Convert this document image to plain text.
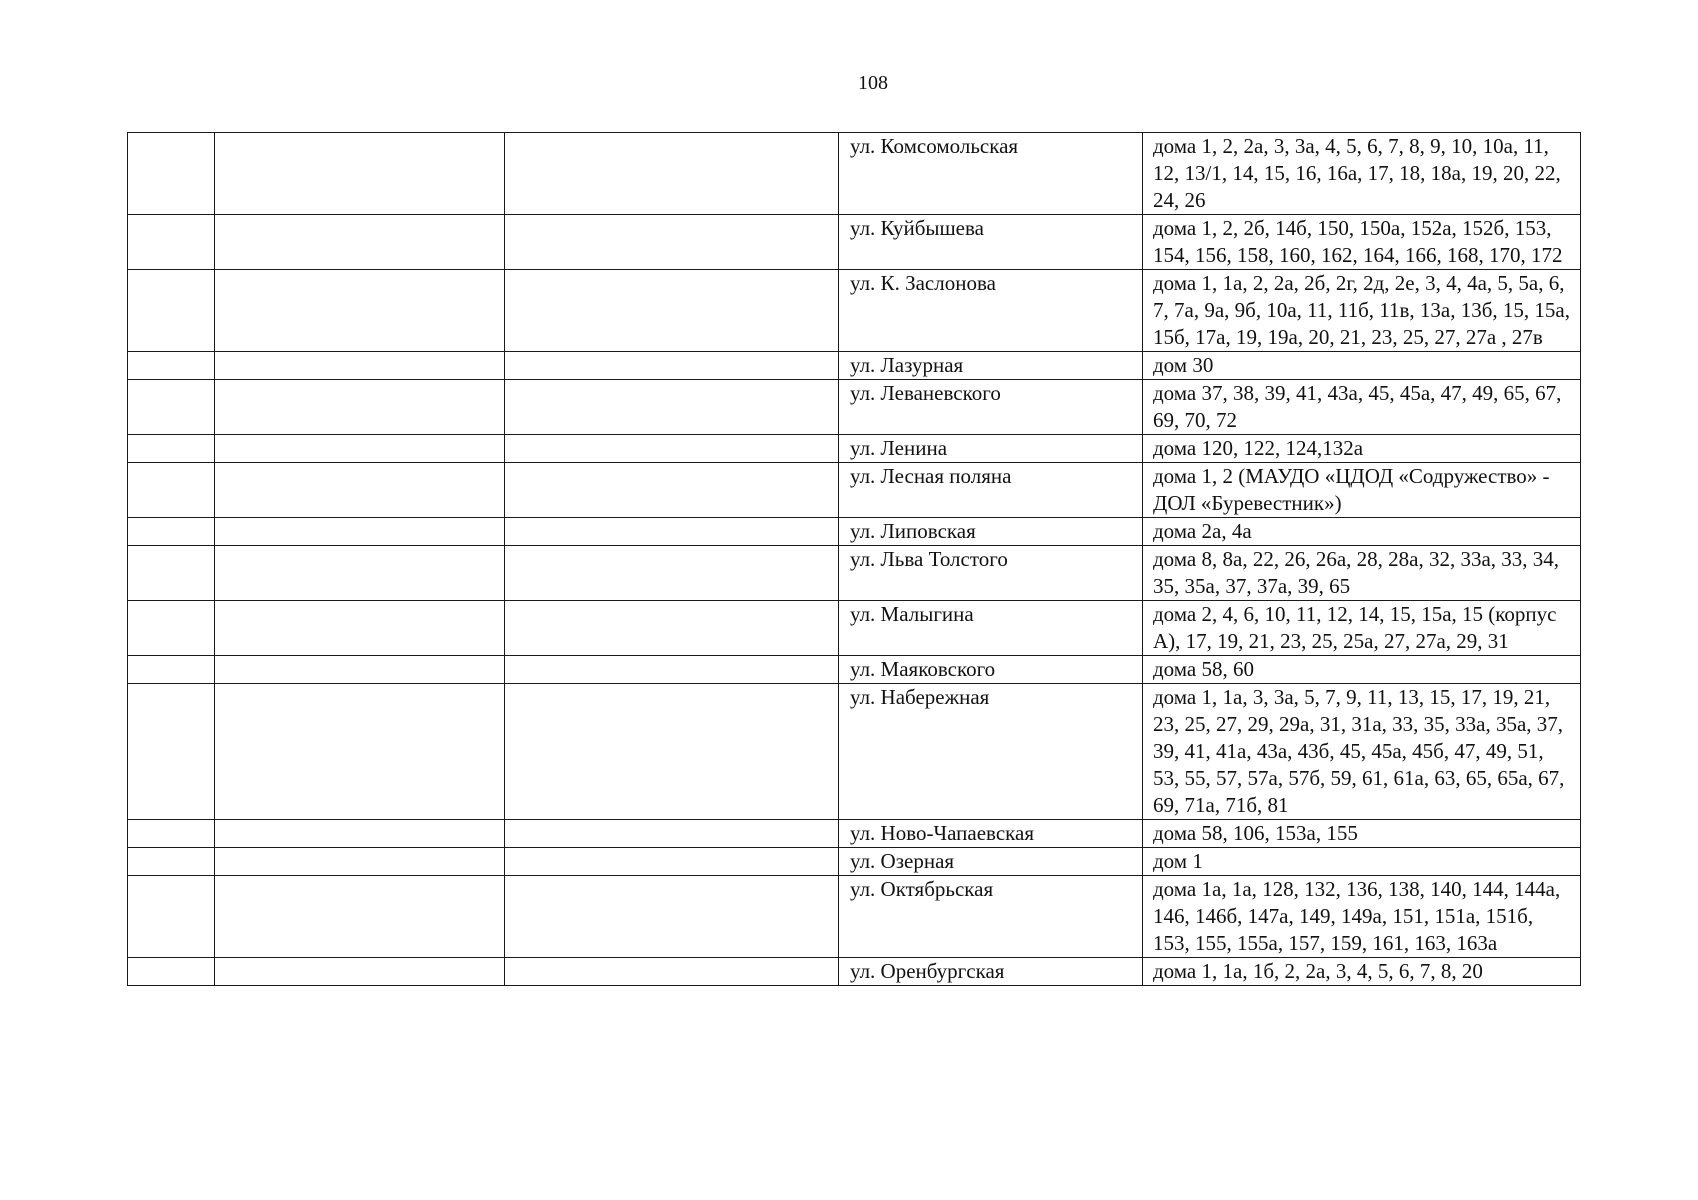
108
			ул. Комсомольская	дома 1, 2, 2а, 3, 3а, 4, 5, 6, 7, 8, 9, 10, 10а, 11, 12, 13/1, 14, 15, 16, 16а, 17, 18, 18а, 19, 20, 22, 24, 26
			ул. Куйбышева	дома 1, 2, 2б, 14б, 150, 150а, 152а, 152б, 153, 154, 156, 158, 160, 162, 164, 166, 168, 170, 172
			ул. К. Заслонова	дома 1, 1а, 2, 2а, 2б, 2г, 2д, 2е, 3, 4, 4а, 5, 5а, 6, 7, 7а, 9а, 9б, 10а, 11, 11б, 11в, 13а, 13б, 15, 15а, 15б, 17а, 19, 19а, 20, 21, 23, 25, 27, 27а , 27в
			ул. Лазурная	дом 30
			ул. Леваневского	дома 37, 38, 39, 41, 43а, 45, 45а, 47, 49, 65, 67, 69, 70, 72
			ул. Ленина	дома 120, 122, 124,132а
			ул. Лесная поляна	дома 1, 2 (МАУДО «ЦДОД «Содружество» - ДОЛ «Буревестник»)
			ул. Липовская	дома 2а, 4а
			ул. Льва Толстого	дома 8, 8а, 22, 26, 26а, 28, 28а, 32, 33а, 33, 34, 35, 35а, 37, 37а, 39, 65
			ул. Малыгина	дома 2, 4, 6, 10, 11, 12, 14, 15, 15а, 15 (корпус А), 17, 19, 21, 23, 25, 25а, 27, 27а, 29, 31
			ул. Маяковского	дома 58, 60
			ул. Набережная	дома 1, 1а, 3, 3а, 5, 7, 9, 11, 13, 15, 17, 19, 21, 23, 25, 27, 29, 29а, 31, 31а, 33, 35, 33а, 35а, 37, 39, 41, 41а, 43а, 43б, 45, 45а, 45б, 47, 49, 51, 53, 55, 57, 57а, 57б, 59, 61, 61а, 63, 65, 65а, 67, 69, 71а, 71б, 81
			ул. Ново-Чапаевская	дома 58, 106, 153а, 155
			ул. Озерная	дом 1
			ул. Октябрьская	дома 1а, 1а, 128, 132, 136, 138, 140, 144, 144а, 146, 146б, 147а, 149, 149а, 151, 151а, 151б, 153, 155, 155а, 157, 159, 161, 163, 163а
			ул. Оренбургская	дома 1, 1а, 1б, 2, 2а, 3, 4, 5, 6, 7, 8, 20
